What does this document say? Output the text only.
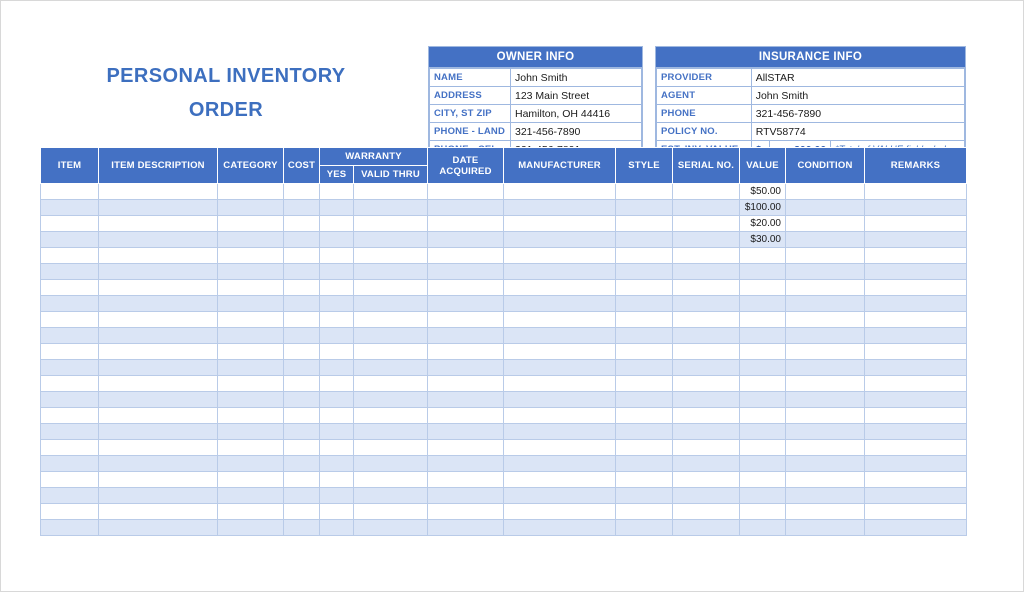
PERSONAL INVENTORY
ORDER
OWNER INFO
NAME	John Smith
ADDRESS	123 Main Street
CITY, ST ZIP	Hamilton, OH 44416
PHONE - LAND	321-456-7890

INSURANCE INFO
PROVIDER	AllSTAR		
AGENT	John Smith		
PHONE	321-456-7890		
POLICY NO.	RTV58774		

ITEM	ITEM DESCRIPTION	CATEGORY	COST	WARRANTY		DATE ACQUIRED	MANUFACTURER	STYLE	SERIAL NO.	VALUE	CONDITION	REMARKS
				YES	VALID THRU							
										$50.00		
										$100.00		
										$20.00		
										$30.00		
